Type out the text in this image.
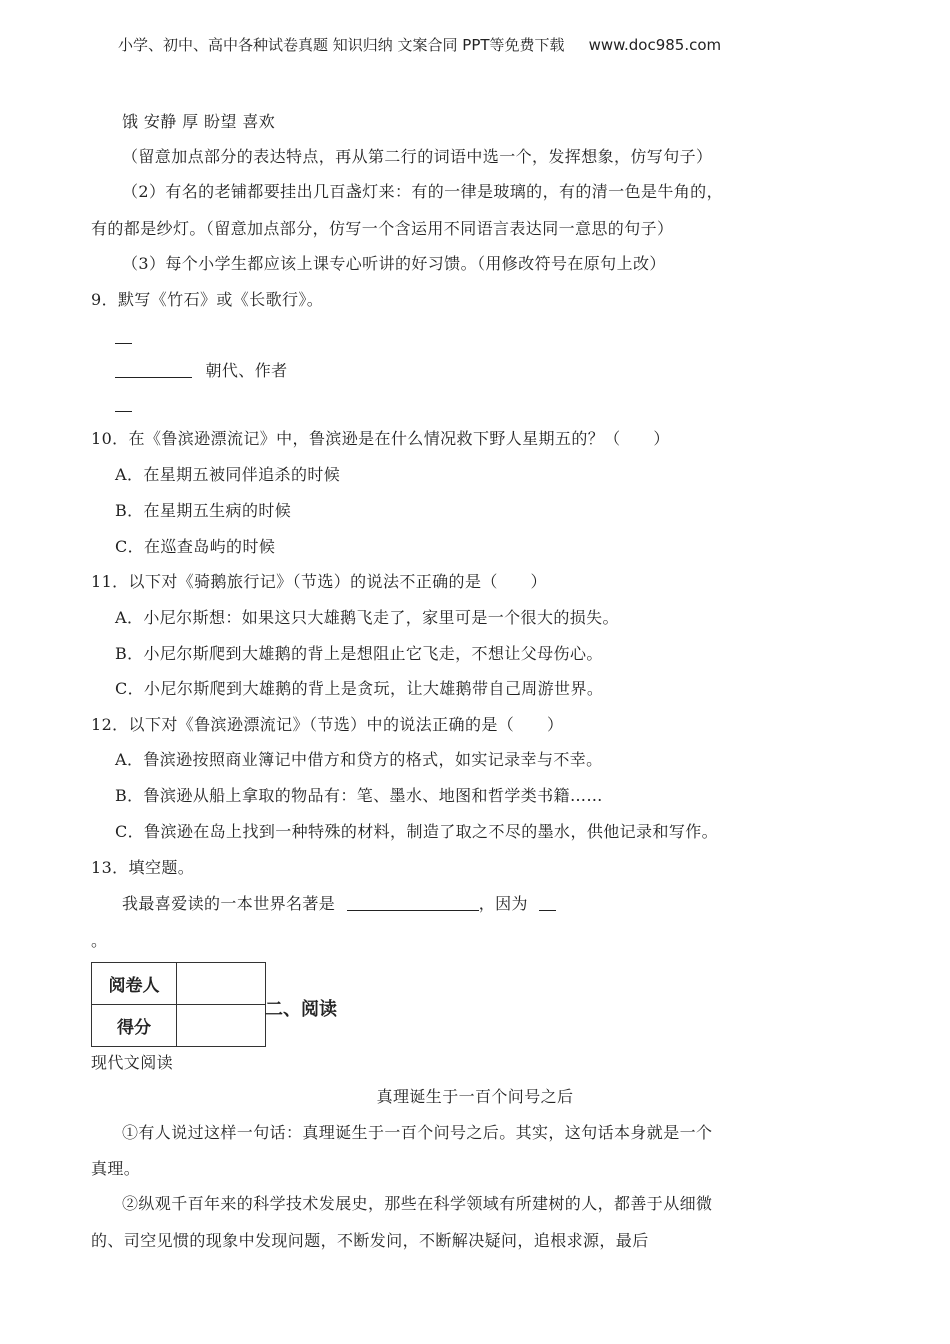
小学、初中、高中各种试卷真题 知识归纳 文案合同 PPT等免费下载 www.doc985.com
饿 安静 厚 盼望 喜欢
（留意加点部分的表达特点，再从第二行的词语中选一个，发挥想象，仿写句子）
（2）有名的老铺都要挂出几百盏灯来：有的一律是玻璃的，有的清一色是牛角的，
有的都是纱灯。（留意加点部分，仿写一个含运用不同语言表达同一意思的句子）
（3）每个小学生都应该上课专心听讲的好习馈。（用修改符号在原句上改）
9．默写《竹石》或《长歌行》。
朝代、作者
10．在《鲁滨逊漂流记》中，鲁滨逊是在什么情况救下野人星期五的？（　　）
A．在星期五被同伴追杀的时候
B．在星期五生病的时候
C．在巡查岛屿的时候
11．以下对《骑鹅旅行记》（节选）的说法不正确的是（　　）
A．小尼尔斯想：如果这只大雄鹅飞走了，家里可是一个很大的损失。
B．小尼尔斯爬到大雄鹅的背上是想阻止它飞走，不想让父母伤心。
C．小尼尔斯爬到大雄鹅的背上是贪玩，让大雄鹅带自己周游世界。
12．以下对《鲁滨逊漂流记》（节选）中的说法正确的是（　　）
A．鲁滨逊按照商业簿记中借方和贷方的格式，如实记录幸与不幸。
B．鲁滨逊从船上拿取的物品有：笔、墨水、地图和哲学类书籍……
C．鲁滨逊在岛上找到一种特殊的材料，制造了取之不尽的墨水，供他记录和写作。
13．填空题。
我最喜爱读的一本世界名著是	，因为
。
阅卷人	
得分	
二、阅读
现代文阅读
真理诞生于一百个问号之后
①有人说过这样一句话：真理诞生于一百个问号之后。其实，这句话本身就是一个
真理。
②纵观千百年来的科学技术发展史，那些在科学领域有所建树的人，都善于从细微
的、司空见惯的现象中发现问题，不断发问，不断解决疑问，追根求源，最后
